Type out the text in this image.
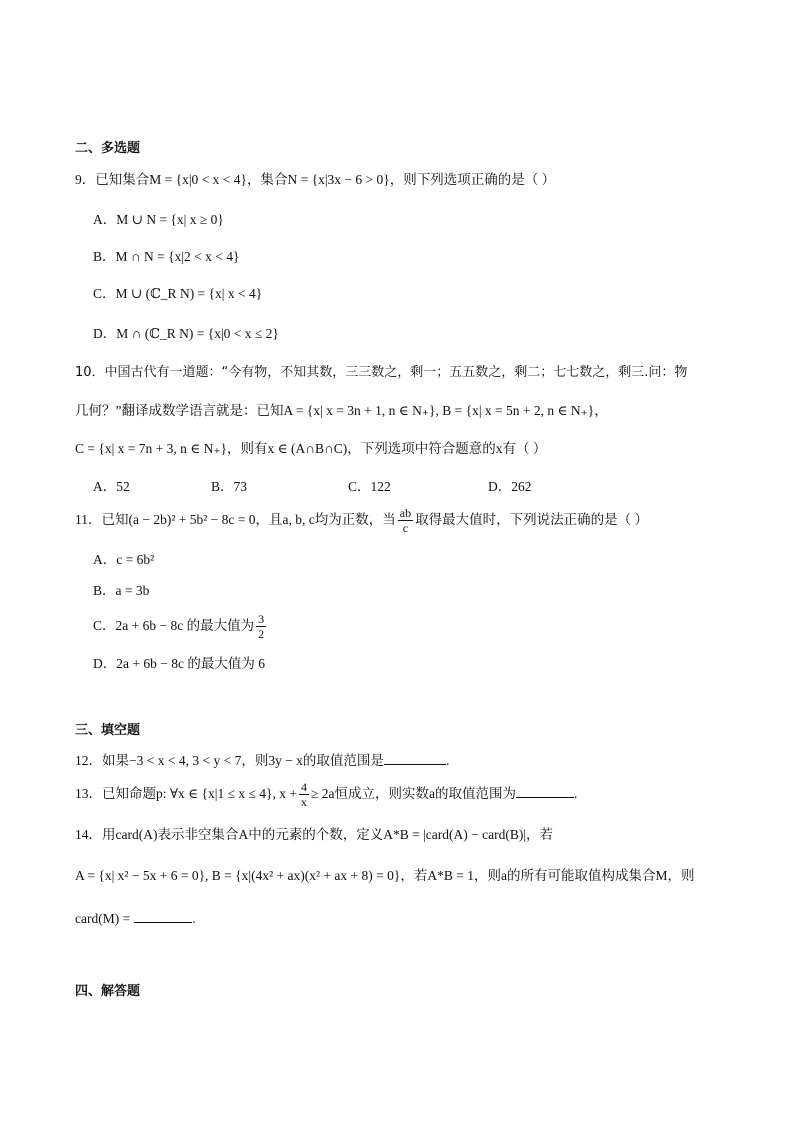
二、多选题
9．已知集合M = {x|0 < x < 4}，集合N = {x|3x − 6 > 0}，则下列选项正确的是（ ）
A．M ∪ N = {x| x ≥ 0}
B．M ∩ N = {x|2 < x < 4}
C．M ∪ (ℂ_R N) = {x| x < 4}
D．M ∩ (ℂ_R N) = {x|0 < x ≤ 2}
10．中国古代有一道题：“今有物，不知其数，三三数之，剩一；五五数之，剩二；七七数之，剩三.问：物
几何？”翻译成数学语言就是：已知A = {x| x = 3n + 1, n ∈ N₊}, B = {x| x = 5n + 2, n ∈ N₊}，
C = {x| x = 7n + 3, n ∈ N₊}，则有x ∈ (A∩B∩C)，下列选项中符合题意的x有（ ）
A．52	B．73	C．122	D．262
11．已知(a − 2b)² + 5b² − 8c = 0，且a, b, c均为正数，当 $\frac{ab}{c}$ 取得最大值时，下列说法正确的是（ ）
A．c = 6b²
B．a = 3b
C．2a + 6b − 8c 的最大值为 $\frac{3}{2}$
D．2a + 6b − 8c 的最大值为 6
三、填空题
12．如果−3 < x < 4, 3 < y < 7，则3y − x的取值范围是	.
13．已知命题p: ∀x ∈ {x|1 ≤ x ≤ 4}, $x + \frac{4}{x} \ge 2a$恒成立，则实数a的取值范围为	.
14．用card(A)表示非空集合A中的元素的个数，定义A*B = |card(A) − card(B)|，若
A = {x| x² − 5x + 6 = 0}, B = {x|(4x² + ax)(x² + ax + 8) = 0}，若A*B = 1，则a的所有可能取值构成集合M，则
card(M) =	.
四、解答题
